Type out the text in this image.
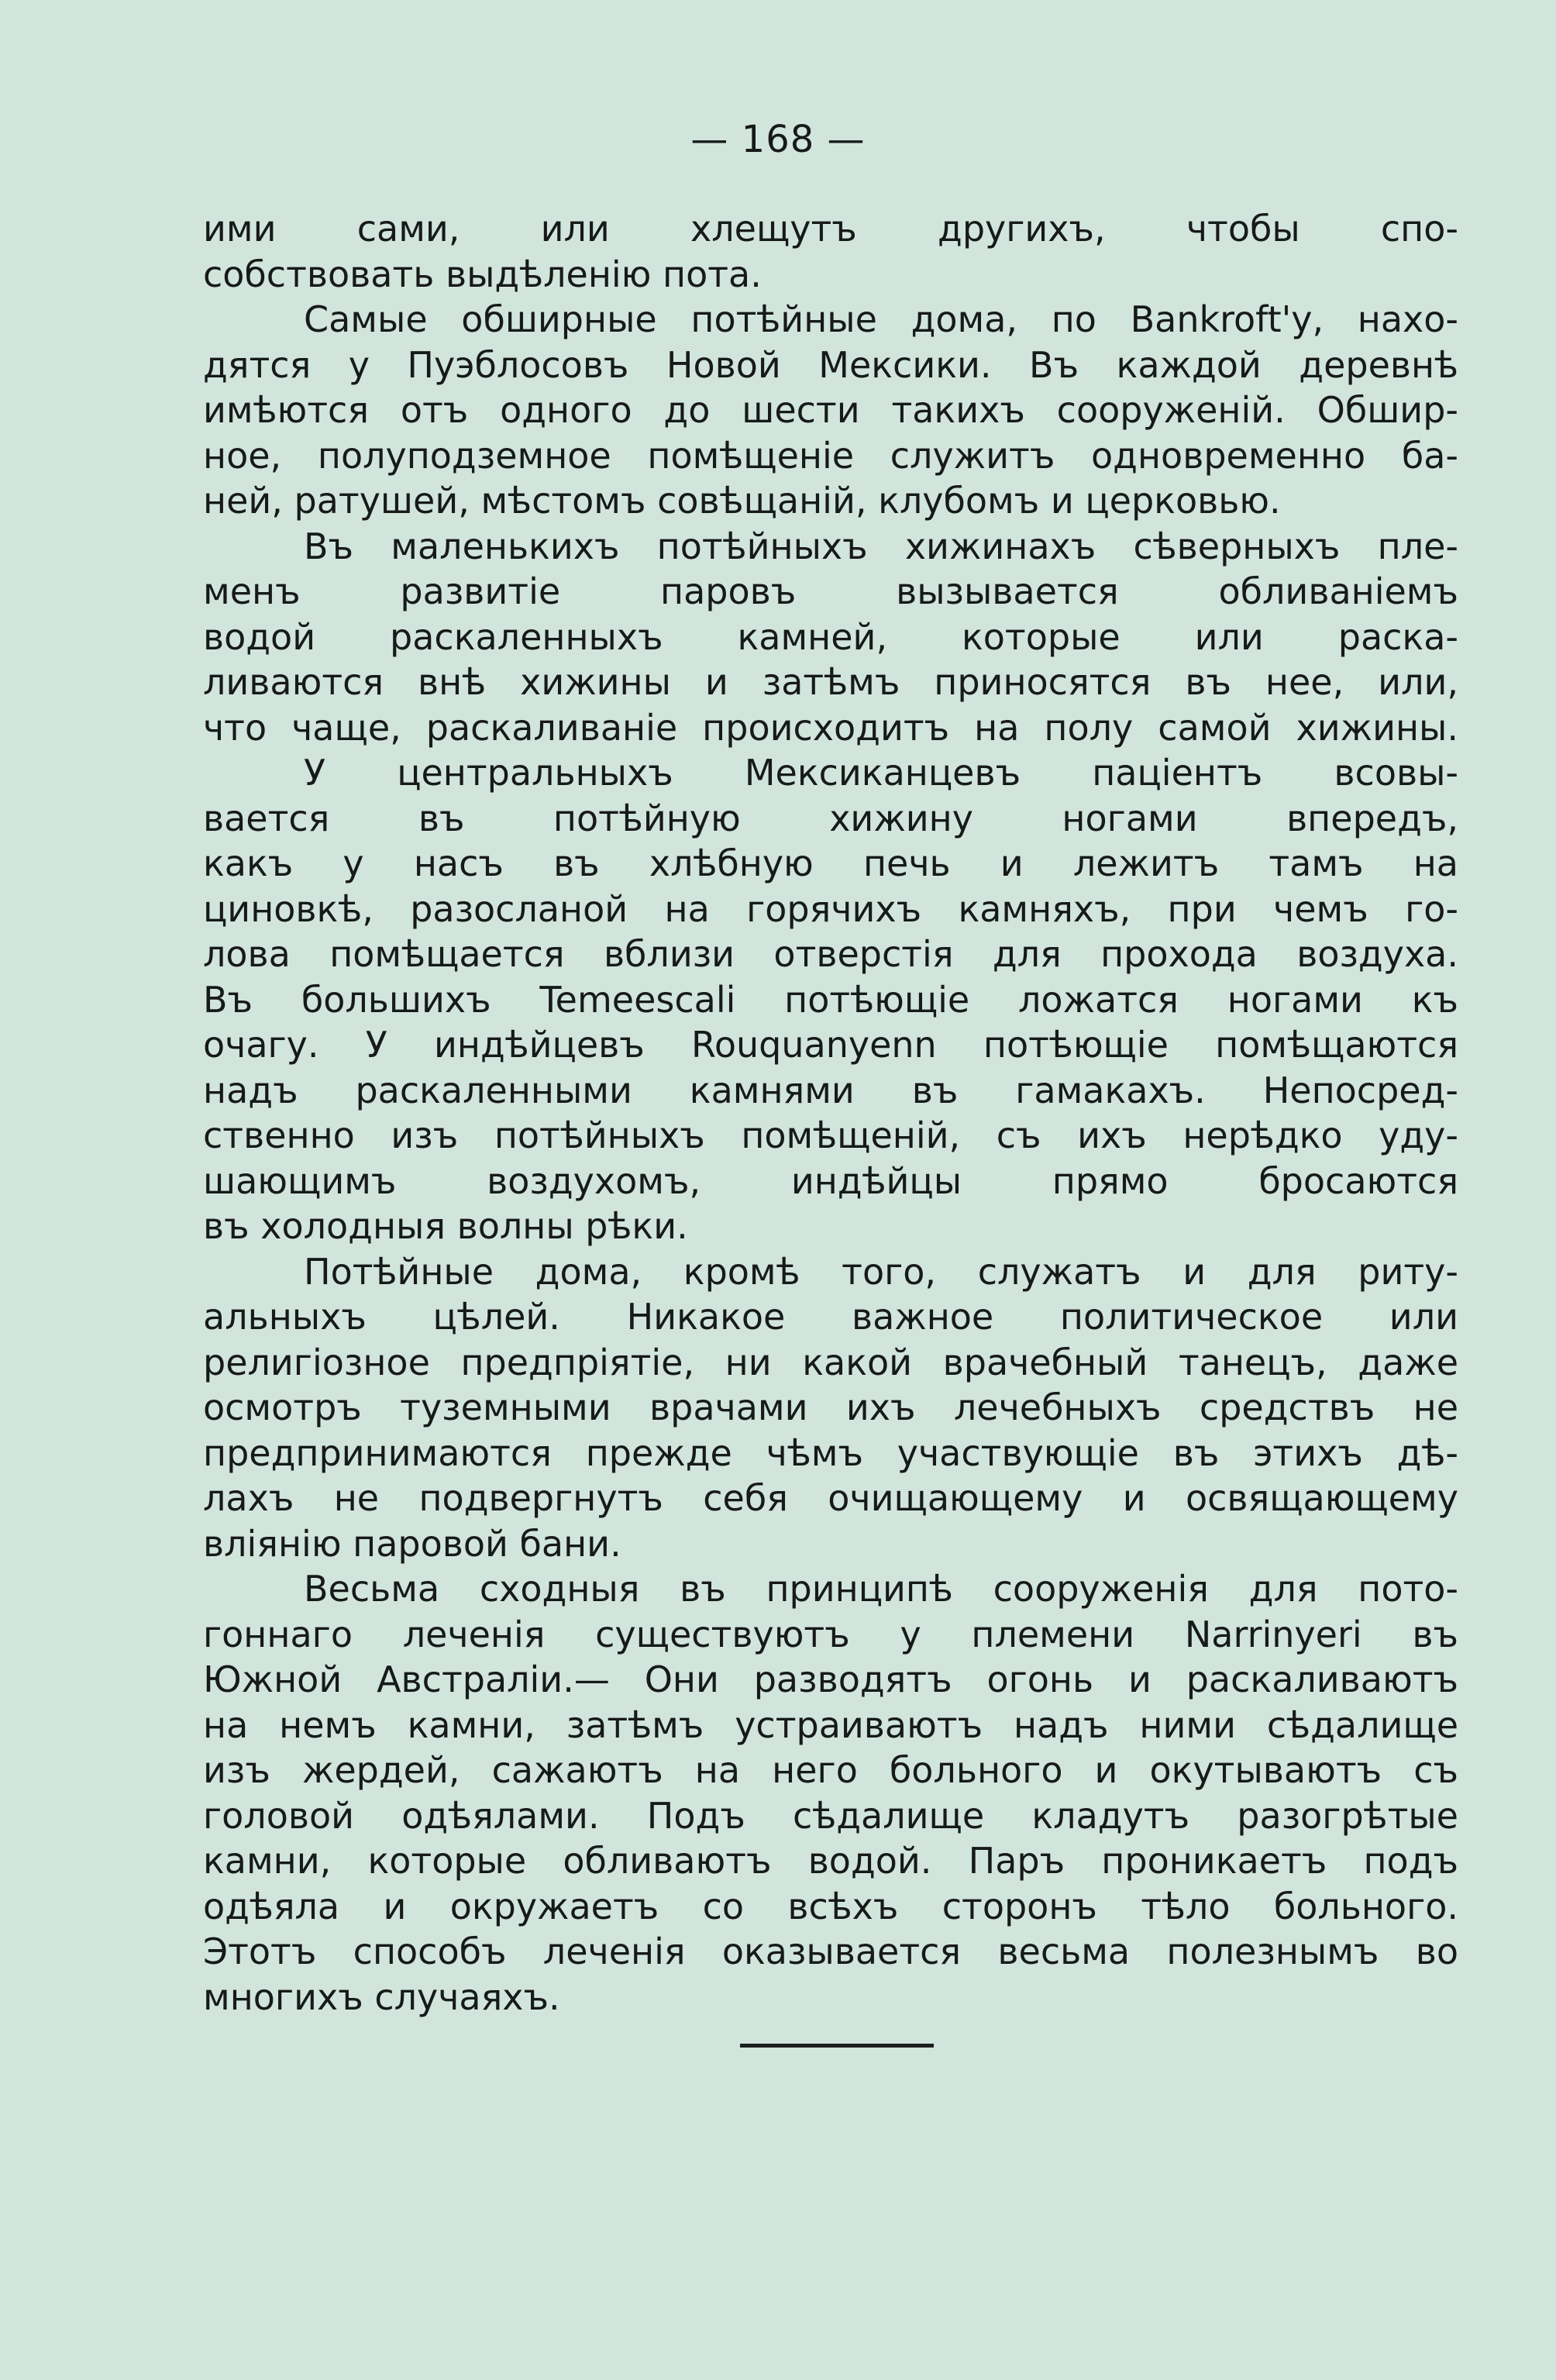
— 168 —

ими сами, или хлещутъ другихъ, чтобы спо-

собствовать выдѣленію пота.

Самые обширные потѣйные дома, по Bankroft'у, нахо-

дятся у Пуэблосовъ Новой Мексики. Въ каждой деревнѣ

имѣются отъ одного до шести такихъ сооруженій. Обшир-

ное, полуподземное помѣщеніе служитъ одновременно ба-

ней, ратушей, мѣстомъ совѣщаній, клубомъ и церковью.

Въ маленькихъ потѣйныхъ хижинахъ сѣверныхъ пле-

менъ развитіе паровъ вызывается обливаніемъ

водой раскаленныхъ камней, которые или раска-

ливаются внѣ хижины и затѣмъ приносятся въ нее, или,

что чаще, раскаливаніе происходитъ на полу самой хижины.

У центральныхъ Мексиканцевъ паціентъ всовы-

вается въ потѣйную хижину ногами впередъ,

какъ у насъ въ хлѣбную печь и лежитъ тамъ на

циновкѣ, разосланой на горячихъ камняхъ, при чемъ го-

лова помѣщается вблизи отверстія для прохода воздуха.

Въ большихъ Temeescali потѣющіе ложатся ногами къ

очагу. У индѣйцевъ Rouquanyenn потѣющіе помѣщаются

надъ раскаленными камнями въ гамакахъ. Непосред-

ственно изъ потѣйныхъ помѣщеній, съ ихъ нерѣдко уду-

шающимъ воздухомъ, индѣйцы прямо бросаются

въ холодныя волны рѣки.

Потѣйные дома, кромѣ того, служатъ и для риту-

альныхъ цѣлей. Никакое важное политическое или

религіозное предпріятіе, ни какой врачебный танецъ, даже

осмотръ туземными врачами ихъ лечебныхъ средствъ не

предпринимаются прежде чѣмъ участвующіе въ этихъ дѣ-

лахъ не подвергнутъ себя очищающему и освящающему

вліянію паровой бани.

Весьма сходныя въ принципѣ сооруженія для пото-

гоннаго леченія существуютъ у племени Narrinyeri въ

Южной Австраліи.— Они разводятъ огонь и раскаливаютъ

на немъ камни, затѣмъ устраиваютъ надъ ними сѣдалище

изъ жердей, сажаютъ на него больного и окутываютъ съ

головой одѣялами. Подъ сѣдалище кладутъ разогрѣтые

камни, которые обливаютъ водой. Паръ проникаетъ подъ

одѣяла и окружаетъ со всѣхъ сторонъ тѣло больного.

Этотъ способъ леченія оказывается весьма полезнымъ во

многихъ случаяхъ.
